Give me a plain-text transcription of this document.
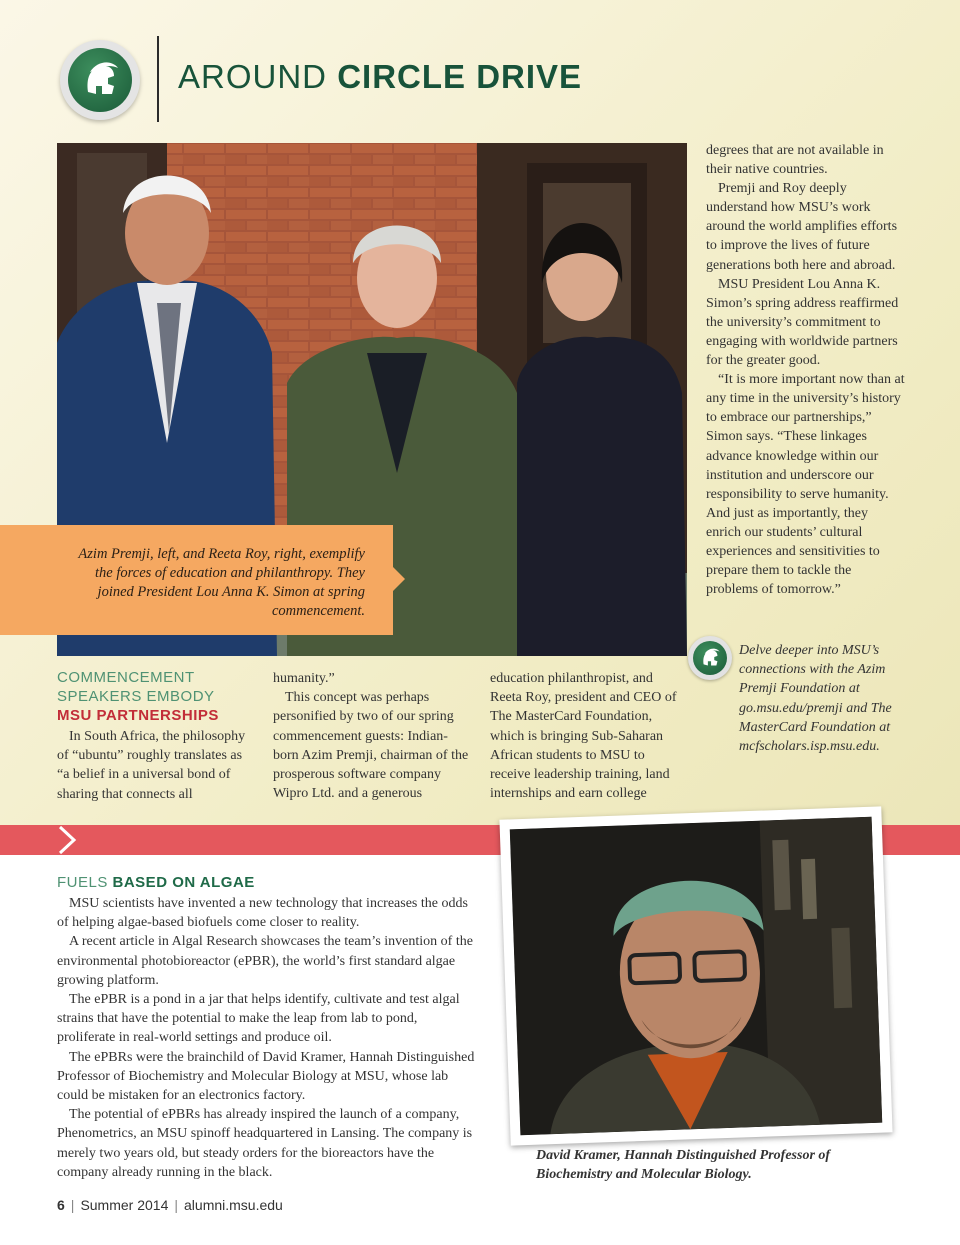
AROUND CIRCLE DRIVE
Azim Premji, left, and Reeta Roy, right, exemplify the forces of education and philanthropy. They joined President Lou Anna K. Simon at spring commencement.

degrees that are not available in their native countries.

Premji and Roy deeply understand how MSU’s work around the world amplifies efforts to improve the lives of future generations both here and abroad.

MSU President Lou Anna K. Simon’s spring address reaffirmed the university’s commitment to engaging with worldwide partners for the greater good.

“It is more important now than at any time in the university’s history to embrace our partnerships,” Simon says. “These linkages advance knowledge within our institution and underscore our responsibility to serve humanity. And just as importantly, they enrich our students’ cultural experiences and sensitivities to prepare them to tackle the problems of tomorrow.”

Delve deeper into MSU’s connections with the Azim Premji Foundation at go.msu.edu/premji and The MasterCard Foundation at mcfscholars.isp.msu.edu.
COMMENCEMENT
SPEAKERS EMBODY
MSU PARTNERSHIPS
In South Africa, the philosophy of “ubuntu” roughly translates as “a belief in a universal bond of sharing that connects all
humanity.”
This concept was perhaps personified by two of our spring commencement guests: Indian-born Azim Premji, chairman of the prosperous software company Wipro Ltd. and a generous
education philanthropist, and Reeta Roy, president and CEO of The MasterCard Foundation, which is bringing Sub-Saharan African students to MSU to receive leadership training, land internships and earn college
FUELS BASED ON ALGAE

MSU scientists have invented a new technology that increases the odds of helping algae-based biofuels come closer to reality.

A recent article in Algal Research showcases the team’s invention of the environmental photobioreactor (ePBR), the world’s first standard algae growing platform.

The ePBR is a pond in a jar that helps identify, cultivate and test algal strains that have the potential to make the leap from lab to pond, proliferate in real-world settings and produce oil.

The ePBRs were the brainchild of David Kramer, Hannah Distinguished Professor of Biochemistry and Molecular Biology at MSU, whose lab could be mistaken for an electronics factory.

The potential of ePBRs has already inspired the launch of a company, Phenometrics, an MSU spinoff headquartered in Lansing. The company is merely two years old, but steady orders for the bioreactors have the company already running in the black.

David Kramer, Hannah Distinguished Professor of Biochemistry and Molecular Biology.
6 | Summer 2014 | alumni.msu.edu
